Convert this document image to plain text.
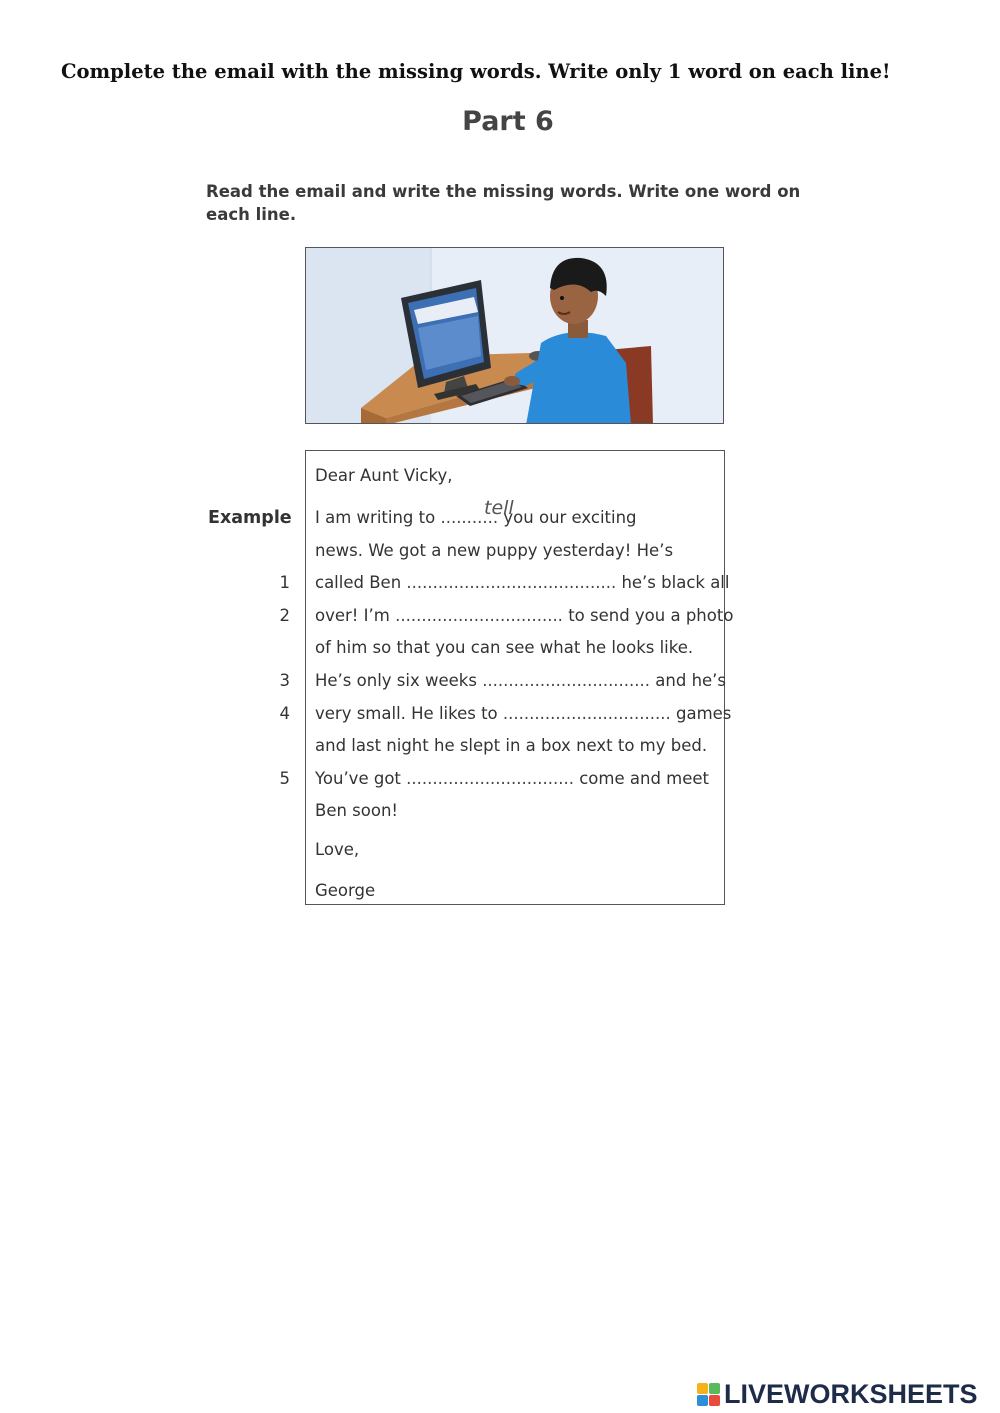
Complete the email with the missing words. Write only 1 word on each line!
Part 6
Read the email and write the missing words. Write one word on each line.
Dear Aunt Vicky,
Example	tell
I am writing to ........... you our exciting
news. We got a new puppy yesterday! He’s
1 called Ben ........................................ he’s black all
2 over! I’m ................................ to send you a photo
of him so that you can see what he looks like.
3 He’s only six weeks ................................ and he’s
4 very small. He likes to ................................ games
and last night he slept in a box next to my bed.
5 You’ve got ................................ come and meet
Ben soon!
Love,
George
LIVEWORKSHEETS
